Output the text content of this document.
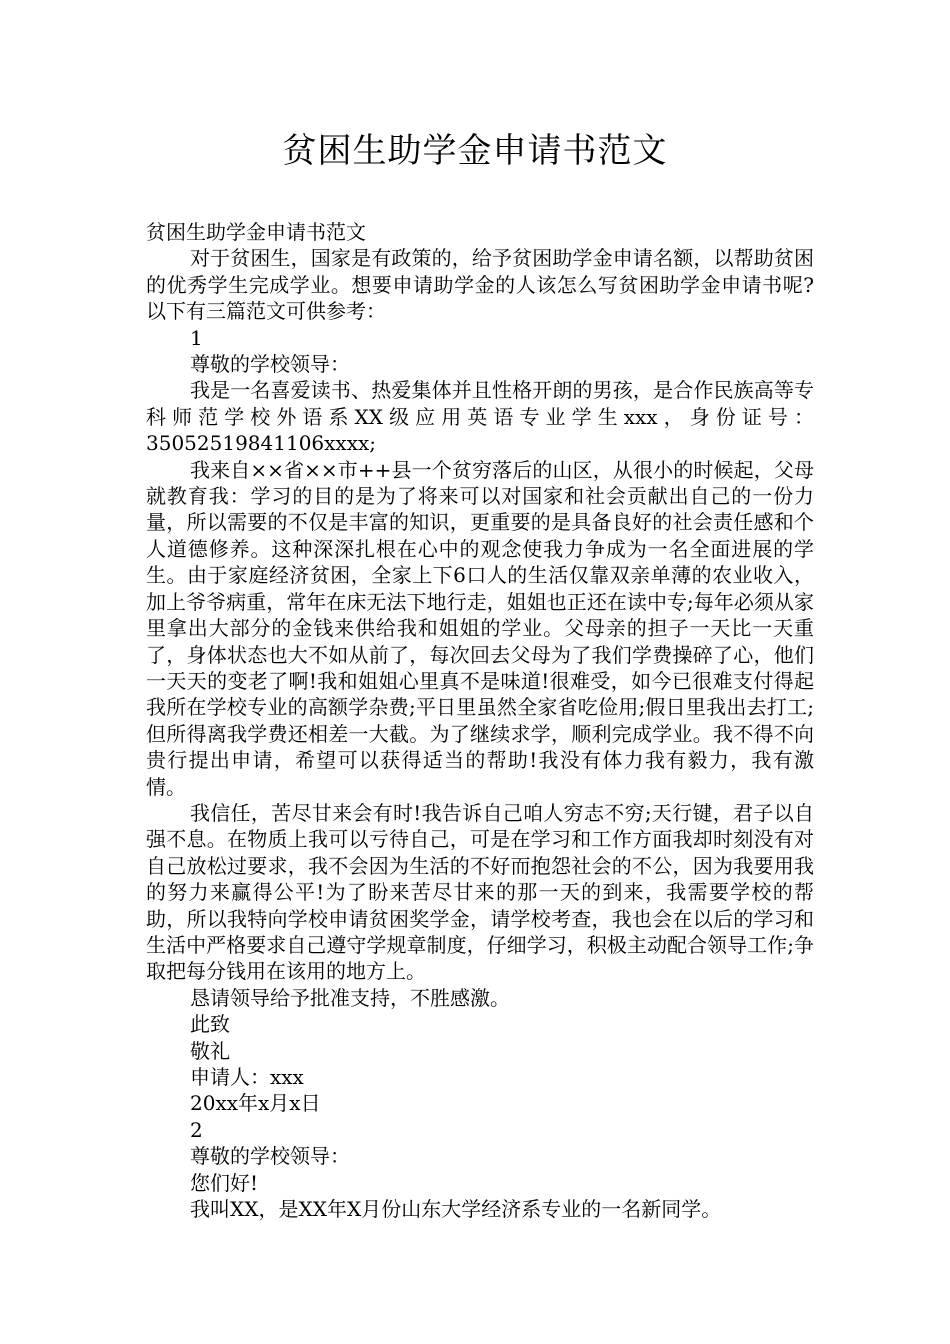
贫困生助学金申请书范文

贫困生助学金申请书范文

对于贫困生，国家是有政策的，给予贫困助学金申请名额，以帮助贫困的优秀学生完成学业。想要申请助学金的人该怎么写贫困助学金申请书呢?以下有三篇范文可供参考：

1

尊敬的学校领导：

我是一名喜爱读书、热爱集体并且性格开朗的男孩，是合作民族高等专科师范学校外语系XX级应用英语专业学生xxx，身份证号：35052519841106xxxx;

我来自××省××市++县一个贫穷落后的山区，从很小的时候起，父母就教育我：学习的目的是为了将来可以对国家和社会贡献出自己的一份力量，所以需要的不仅是丰富的知识，更重要的是具备良好的社会责任感和个人道德修养。这种深深扎根在心中的观念使我力争成为一名全面进展的学生。由于家庭经济贫困，全家上下6口人的生活仅靠双亲单薄的农业收入，加上爷爷病重，常年在床无法下地行走，姐姐也正还在读中专;每年必须从家里拿出大部分的金钱来供给我和姐姐的学业。父母亲的担子一天比一天重了，身体状态也大不如从前了，每次回去父母为了我们学费操碎了心，他们一天天的变老了啊!我和姐姐心里真不是味道!很难受，如今已很难支付得起我所在学校专业的高额学杂费;平日里虽然全家省吃俭用;假日里我出去打工;但所得离我学费还相差一大截。为了继续求学，顺利完成学业。我不得不向贵行提出申请，希望可以获得适当的帮助!我没有体力我有毅力，我有激情。

我信任，苦尽甘来会有时!我告诉自己咱人穷志不穷;天行键，君子以自强不息。在物质上我可以亏待自己，可是在学习和工作方面我却时刻没有对自己放松过要求，我不会因为生活的不好而抱怨社会的不公，因为我要用我的努力来赢得公平!为了盼来苦尽甘来的那一天的到来，我需要学校的帮助，所以我特向学校申请贫困奖学金，请学校考查，我也会在以后的学习和生活中严格要求自己遵守学规章制度，仔细学习，积极主动配合领导工作;争取把每分钱用在该用的地方上。

恳请领导给予批准支持，不胜感激。

此致

敬礼

申请人：xxx

20xx年x月x日

2

尊敬的学校领导：

您们好!

我叫XX，是XX年X月份山东大学经济系专业的一名新同学。
